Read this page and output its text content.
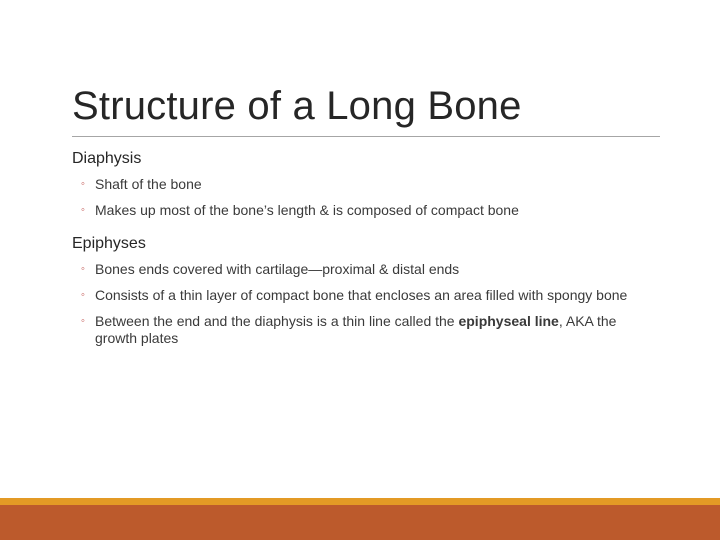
Structure of a Long Bone
Diaphysis
◦ Shaft of the bone
◦ Makes up most of the bone’s length & is composed of compact bone
Epiphyses
◦ Bones ends covered with cartilage—proximal & distal ends
◦ Consists of a thin layer of compact bone that encloses an area filled with spongy bone
◦ Between the end and the diaphysis is a thin line called the epiphyseal line, AKA the growth plates
